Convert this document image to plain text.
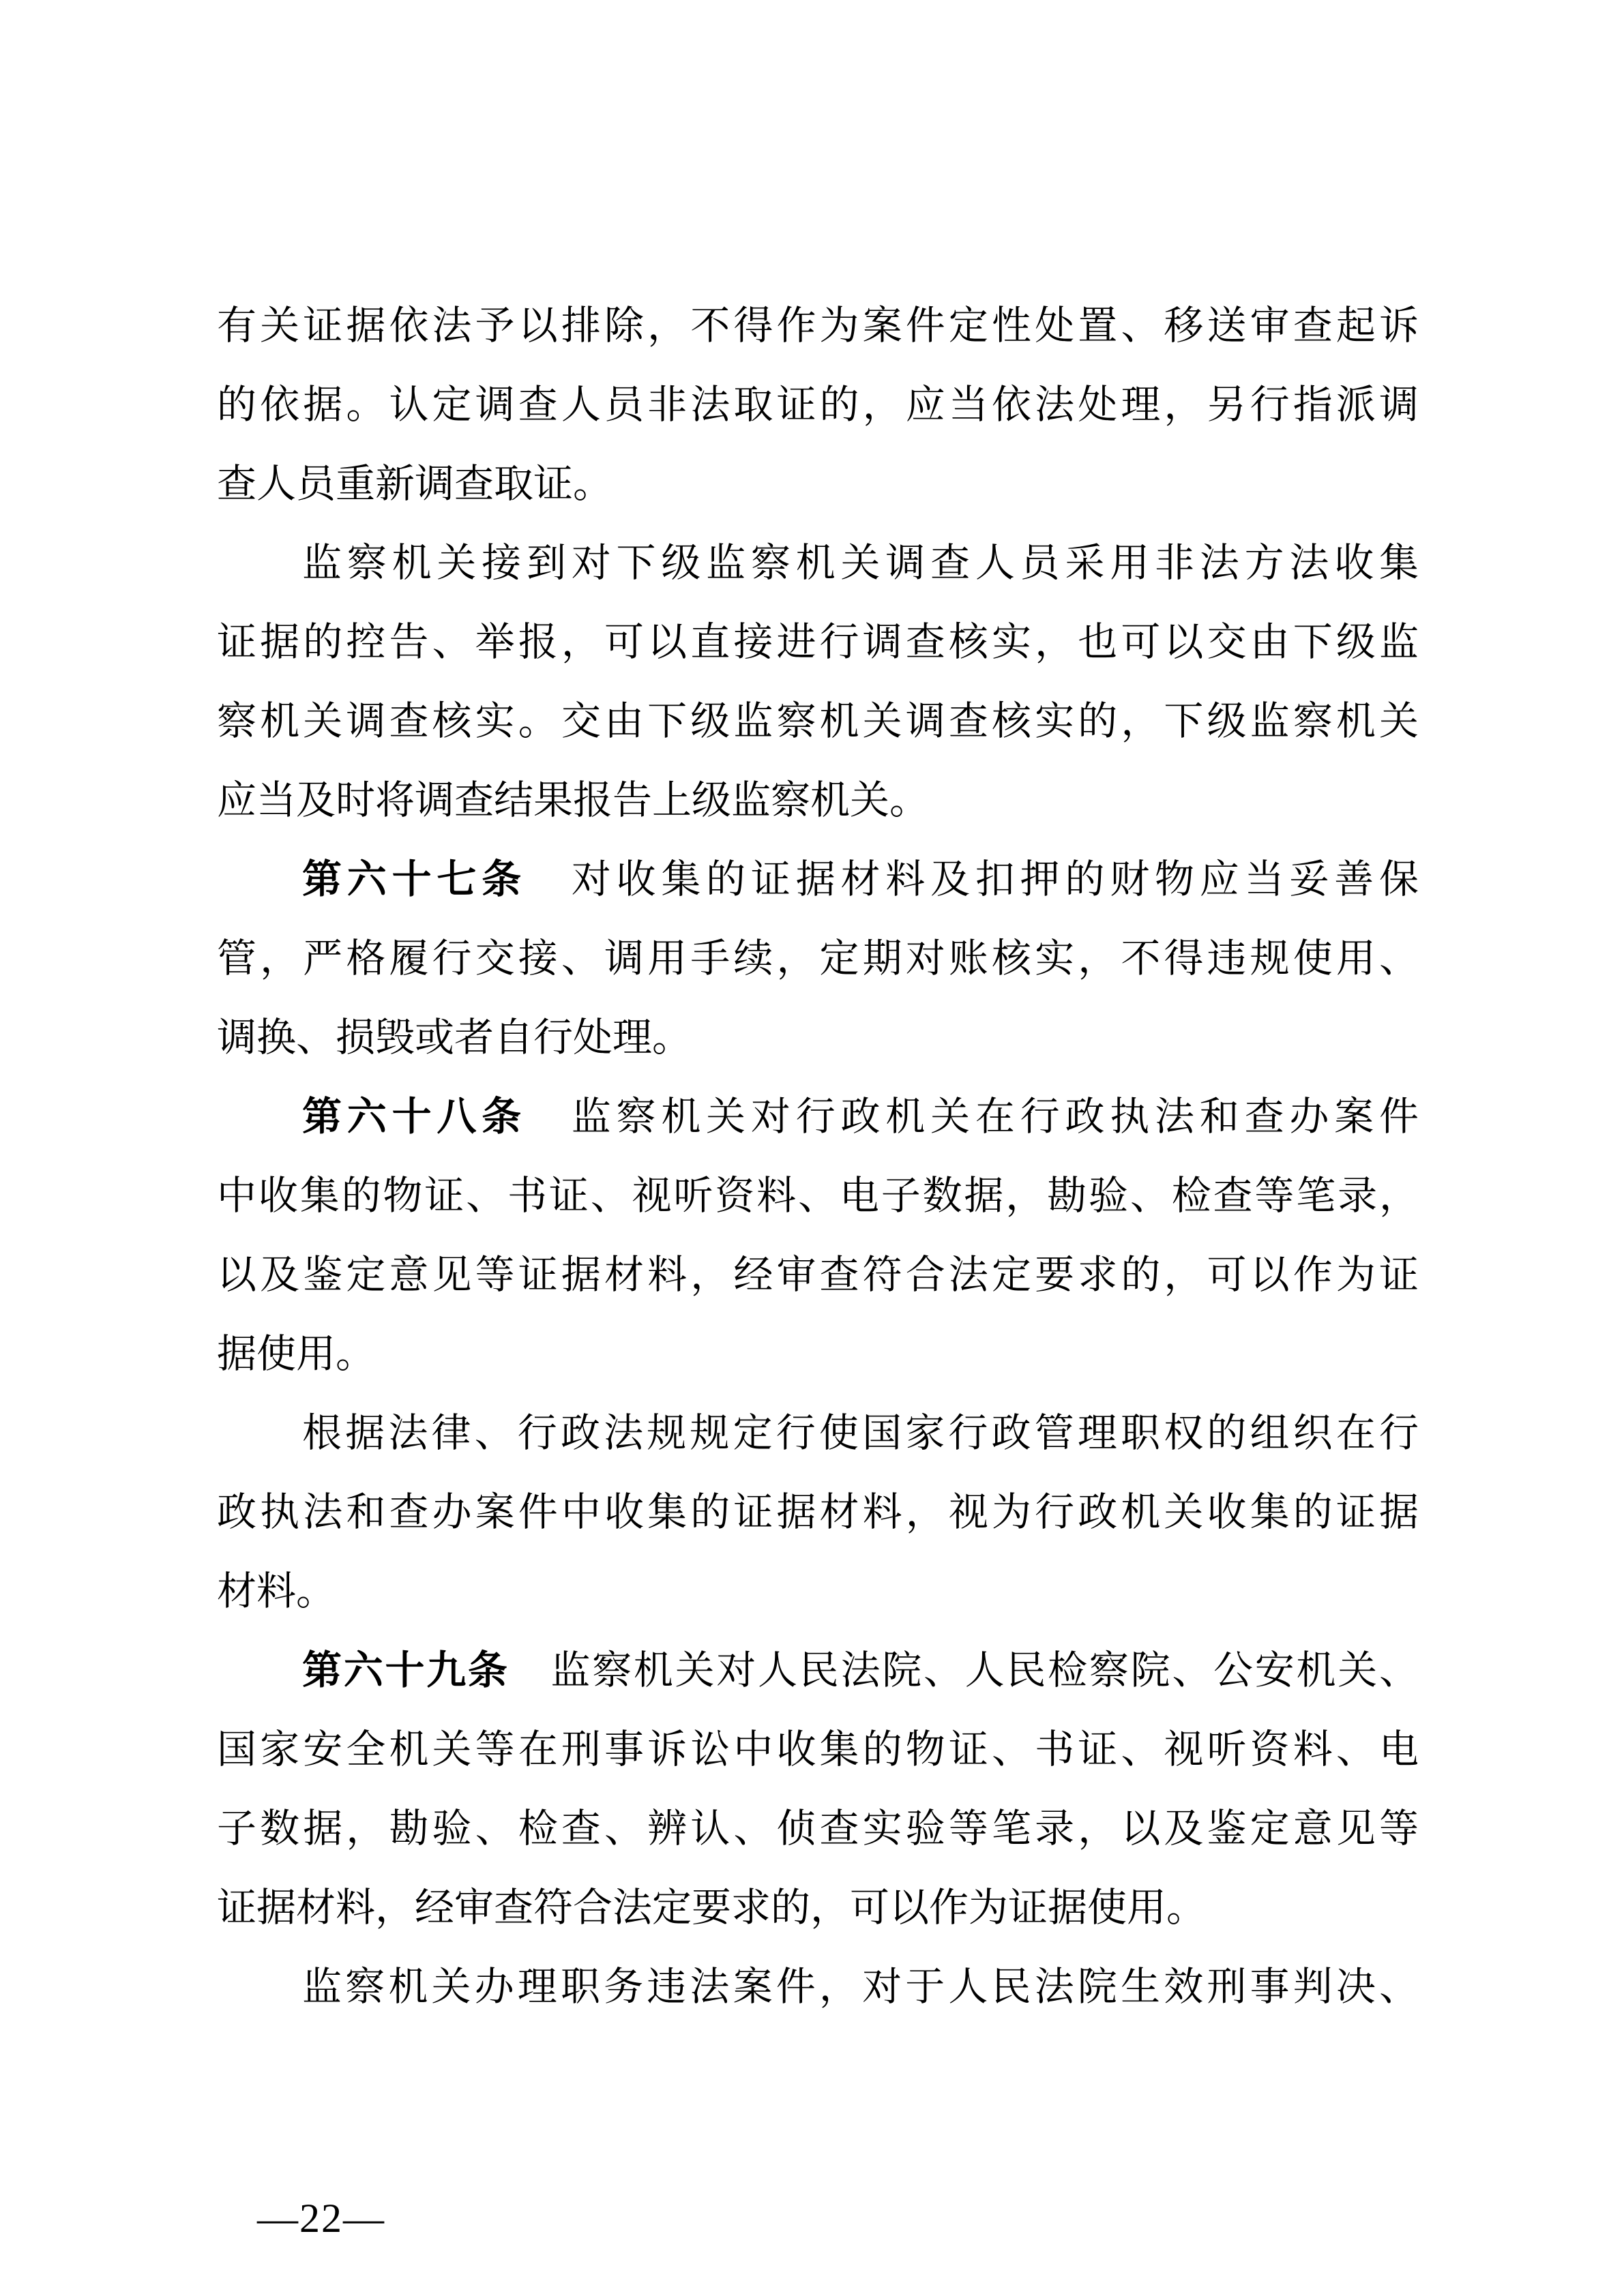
有关证据依法予以排除，不得作为案件定性处置、移送审查起诉
的依据。认定调查人员非法取证的，应当依法处理，另行指派调
查人员重新调查取证。
监察机关接到对下级监察机关调查人员采用非法方法收集
证据的控告、举报，可以直接进行调查核实，也可以交由下级监
察机关调查核实。交由下级监察机关调查核实的，下级监察机关
应当及时将调查结果报告上级监察机关。
第六十七条 对收集的证据材料及扣押的财物应当妥善保
管，严格履行交接、调用手续，定期对账核实，不得违规使用、
调换、损毁或者自行处理。
第六十八条 监察机关对行政机关在行政执法和查办案件
中收集的物证、书证、视听资料、电子数据，勘验、检查等笔录，
以及鉴定意见等证据材料，经审查符合法定要求的，可以作为证
据使用。
根据法律、行政法规规定行使国家行政管理职权的组织在行
政执法和查办案件中收集的证据材料，视为行政机关收集的证据
材料。
第六十九条 监察机关对人民法院、人民检察院、公安机关、
国家安全机关等在刑事诉讼中收集的物证、书证、视听资料、电
子数据，勘验、检查、辨认、侦查实验等笔录，以及鉴定意见等
证据材料，经审查符合法定要求的，可以作为证据使用。
监察机关办理职务违法案件，对于人民法院生效刑事判决、
—22—
